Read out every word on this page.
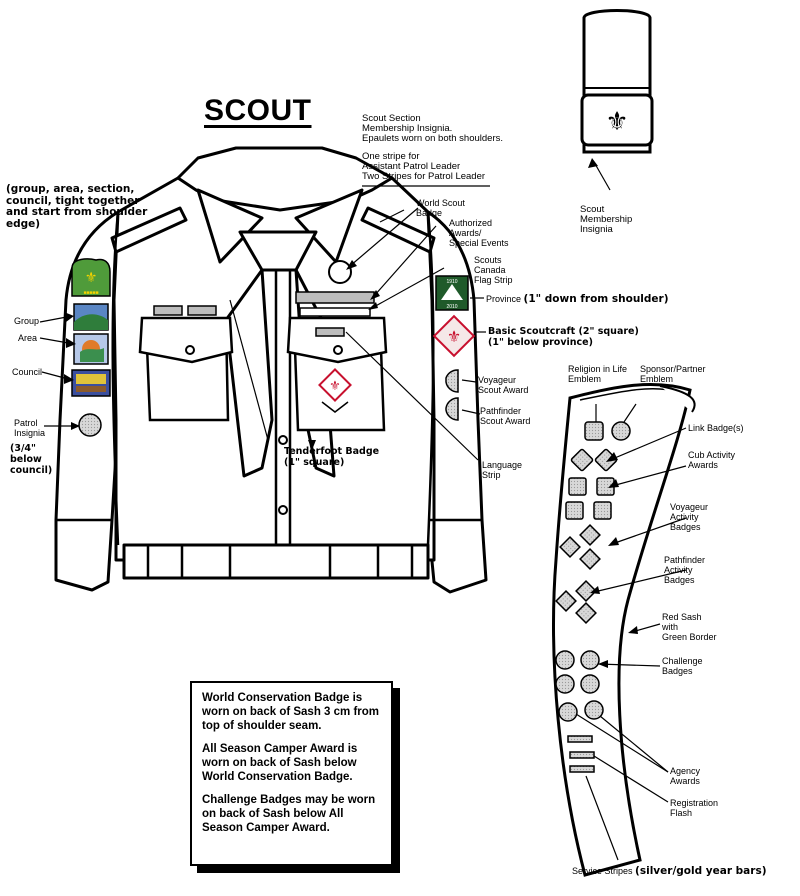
⚜
⚜
■■■■■
1910
2010
⚜
⚜
SCOUT	Scout Section
Membership Insignia.
Epaulets worn on both shoulders.
One stripe for
Assistant Patrol Leader
Two Stripes for Patrol Leader
Scout
Membership
Insignia
(group, area, section,
council, tight together
and start from shoulder
edge)
World Scout
Badge
Authorized
Awards/
Special Events
Scouts
Canada
Flag Strip
Province (1" down from shoulder)
Basic Scoutcraft (2" square)
(1" below province)
Group
Area
Council
Patrol
Insignia
(3/4"
below
council)
Voyageur
Scout Award
Pathfinder
Scout Award
Tenderfoot Badge
(1" square)	Language
Strip
Religion in Life
Emblem
Sponsor/Partner
Emblem
Link Badge(s)
Cub Activity
Awards
Voyageur
Activity
Badges
Pathfinder
Activity
Badges
Red Sash
with
Green Border
Challenge
Badges
Agency
Awards
Registration
Flash
Service Stripes (silver/gold year bars)

World Conservation Badge is worn on back of Sash 3 cm from top of shoulder seam.

All Season Camper Award is worn on back of Sash below World Conservation Badge.

Challenge Badges may be worn on back of Sash below All Season Camper Award.
